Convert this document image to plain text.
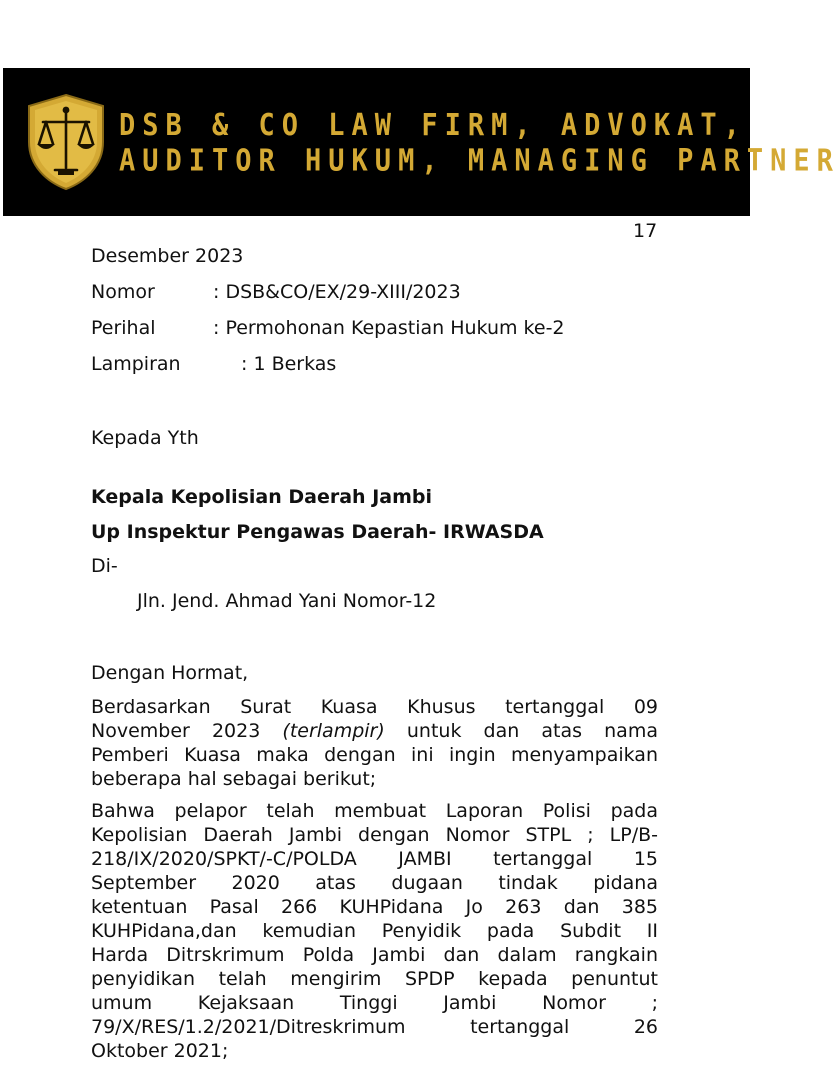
DSB & CO LAW FIRM, ADVOKAT,
AUDITOR HUKUM, MANAGING PARTNER
17
Desember 2023
Nomor	: DSB&CO/EX/29-XIII/2023
Perihal	: Permohonan Kepastian Hukum ke-2
Lampiran	: 1 Berkas
Kepada Yth
Kepala Kepolisian Daerah Jambi
Up Inspektur Pengawas Daerah- IRWASDA
Di-
Jln. Jend. Ahmad Yani Nomor-12
Dengan Hormat,
Berdasarkan Surat Kuasa Khusus tertanggal 09
November 2023 (terlampir) untuk dan atas nama
Pemberi Kuasa maka dengan ini ingin menyampaikan
beberapa hal sebagai berikut;
Bahwa pelapor telah membuat Laporan Polisi pada
Kepolisian Daerah Jambi dengan Nomor STPL ; LP/B-
218/IX/2020/SPKT/-C/POLDA JAMBI tertanggal 15
September 2020 atas dugaan tindak pidana
ketentuan Pasal 266 KUHPidana Jo 263 dan 385
KUHPidana,dan kemudian Penyidik pada Subdit II
Harda Ditrskrimum Polda Jambi dan dalam rangkain
penyidikan telah mengirim SPDP kepada penuntut
umum Kejaksaan Tinggi Jambi Nomor ;
79/X/RES/1.2/2021/Ditreskrimum tertanggal 26
Oktober 2021;
